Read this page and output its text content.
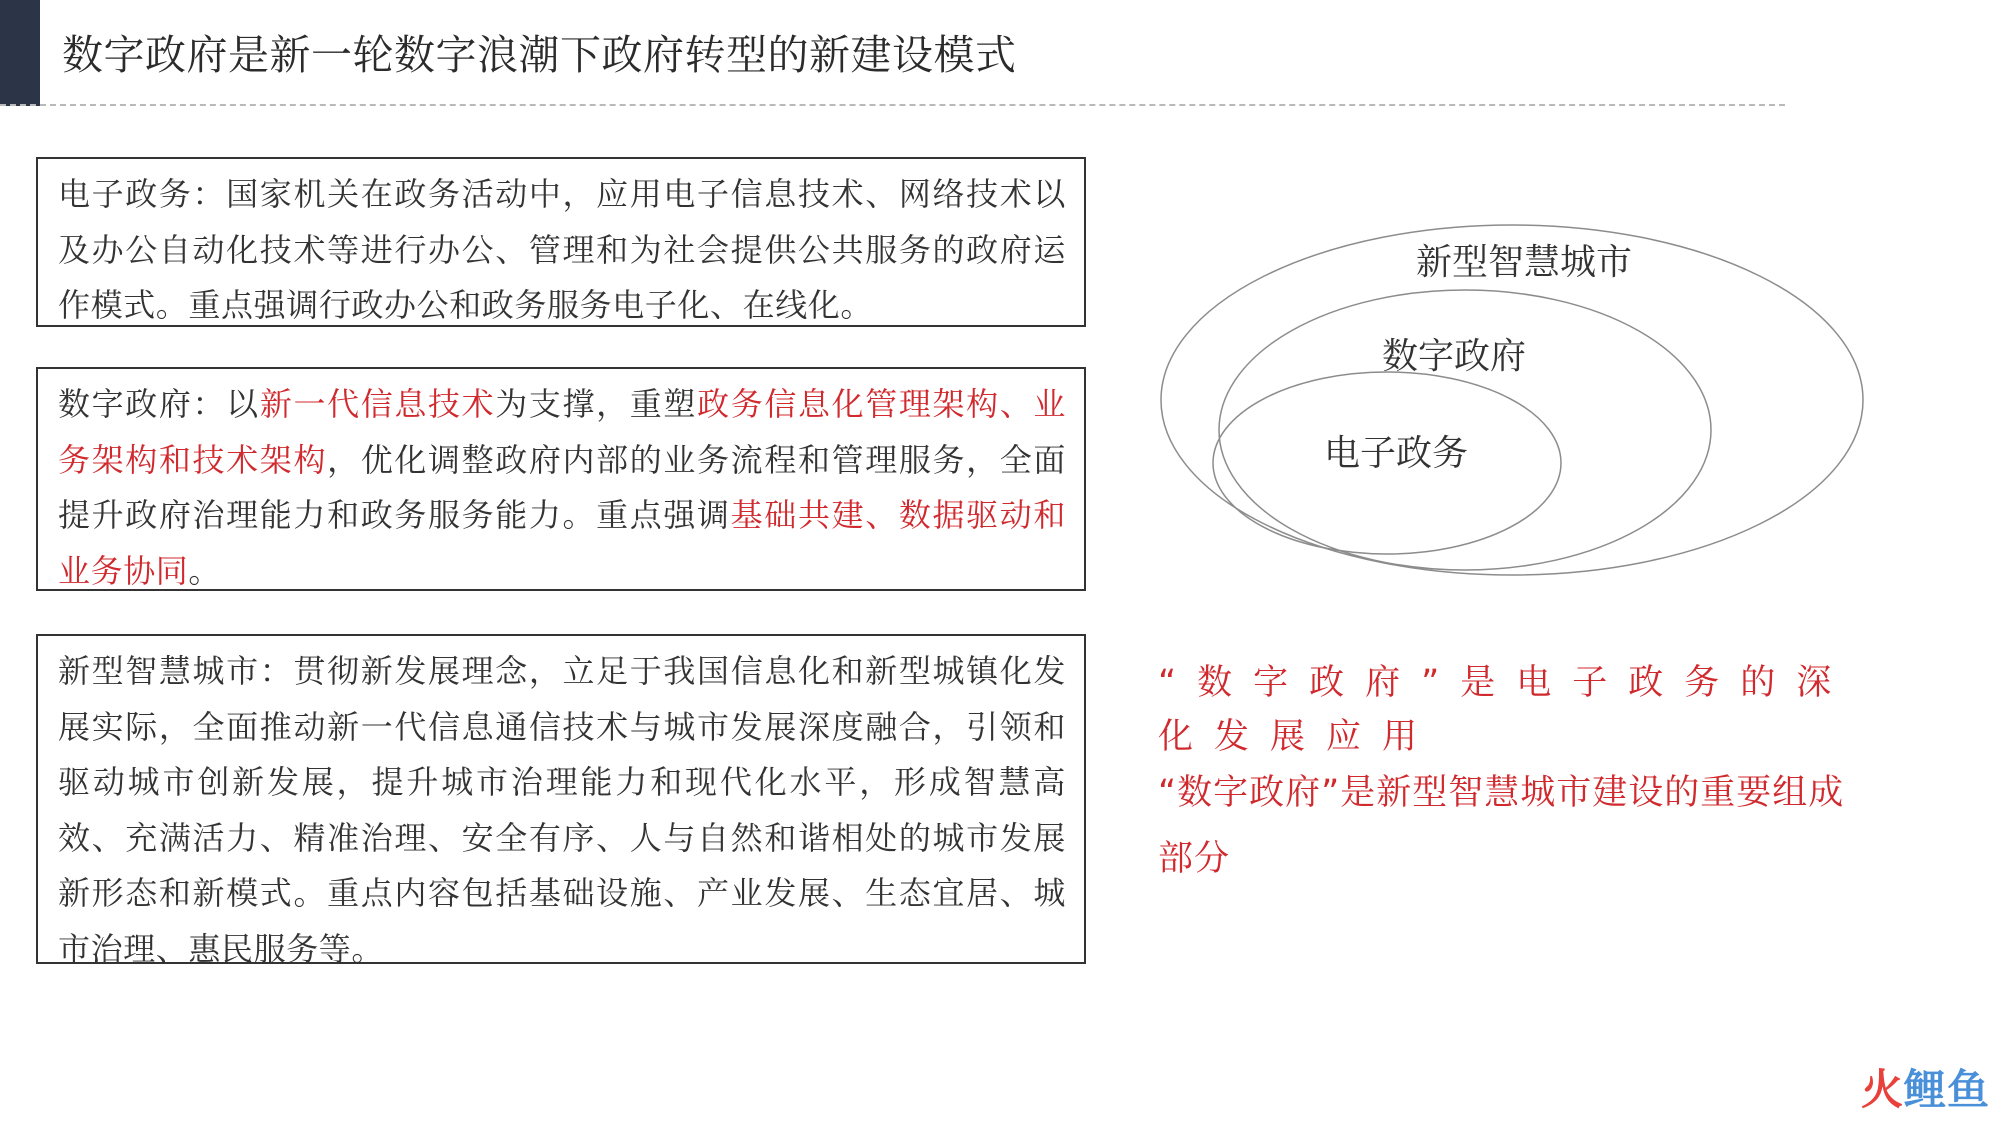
数字政府是新一轮数字浪潮下政府转型的新建设模式
电子政务：国家机关在政务活动中，应用电子信息技术、网络技术以及办公自动化技术等进行办公、管理和为社会提供公共服务的政府运作模式。重点强调行政办公和政务服务电子化、在线化。
数字政府：以新一代信息技术为支撑，重塑政务信息化管理架构、业务架构和技术架构，优化调整政府内部的业务流程和管理服务，全面提升政府治理能力和政务服务能力。重点强调基础共建、数据驱动和业务协同。
新型智慧城市：贯彻新发展理念，立足于我国信息化和新型城镇化发展实际，全面推动新一代信息通信技术与城市发展深度融合，引领和驱动城市创新发展，提升城市治理能力和现代化水平，形成智慧高效、充满活力、精准治理、安全有序、人与自然和谐相处的城市发展新形态和新模式。重点内容包括基础设施、产业发展、生态宜居、城市治理、惠民服务等。
新型智慧城市
数字政府
电子政务
“数字政府”是电子政务的深化发展应用
“数字政府”是新型智慧城市建设的重要组成部分
火鲤鱼
